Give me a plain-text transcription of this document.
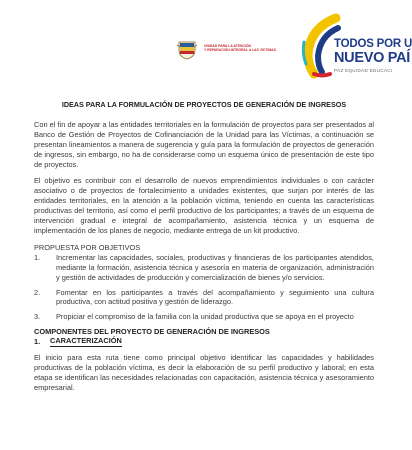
UNIDAD PARA LA ATENCIÓN
Y REPARACIÓN INTEGRAL A LAS VÍCTIMAS
TODOS POR U
NUEVO PAÍ
PAZ EQUIDAD EDUCACI

IDEAS PARA LA FORMULACIÓN DE PROYECTOS DE GENERACIÓN DE INGRESOS

Con el fin de apoyar a las entidades territoriales en la formulación de proyectos para ser presentados al Banco de Gestión de Proyectos de Cofinanciación de la Unidad para las Víctimas, a continuación se presentan lineamientos a manera de sugerencia y guía para la formulación de proyectos de generación de ingresos, sin embargo, no ha de considerarse como un esquema único de presentación de este tipo de proyectos.

El objetivo es contribuir con el desarrollo de nuevos emprendimientos individuales o con carácter asociativo o de proyectos de fortalecimiento a unidades existentes, que surjan por interés de las entidades territoriales, en la atención a la población víctima, teniendo en cuenta las características productivas del territorio, así como el perfil productivo de los participantes; a través de un esquema de intervención gradual e integral de acompañamiento, asistencia técnica y un esquema de implementación de los planes de negocio, mediante entrega de un kit productivo.

PROPUESTA POR OBJETIVOS

1.	Incrementar las capacidades, sociales, productivas y financieras de los participantes atendidos, mediante la formación, asistencia técnica y asesoría en materia de organización, administración y gestión de actividades de producción y comercialización de bienes y/o servicios.
2.	Fomentar en los participantes a través del acompañamiento y seguimiento una cultura productiva, con actitud positiva y gestión de liderazgo.
3.	Propiciar el compromiso de la familia con la unidad productiva que se apoya en el proyecto

COMPONENTES DEL PROYECTO DE GENERACIÓN DE INGRESOS

1.	CARACTERIZACIÓN

El inicio para esta ruta tiene como principal objetivo identificar las capacidades y habilidades productivas de la población víctima, es decir la elaboración de su perfil productivo y laboral; en esta etapa se identifican las necesidades relacionadas con capacitación, asistencia técnica y asesoramiento empresarial.
